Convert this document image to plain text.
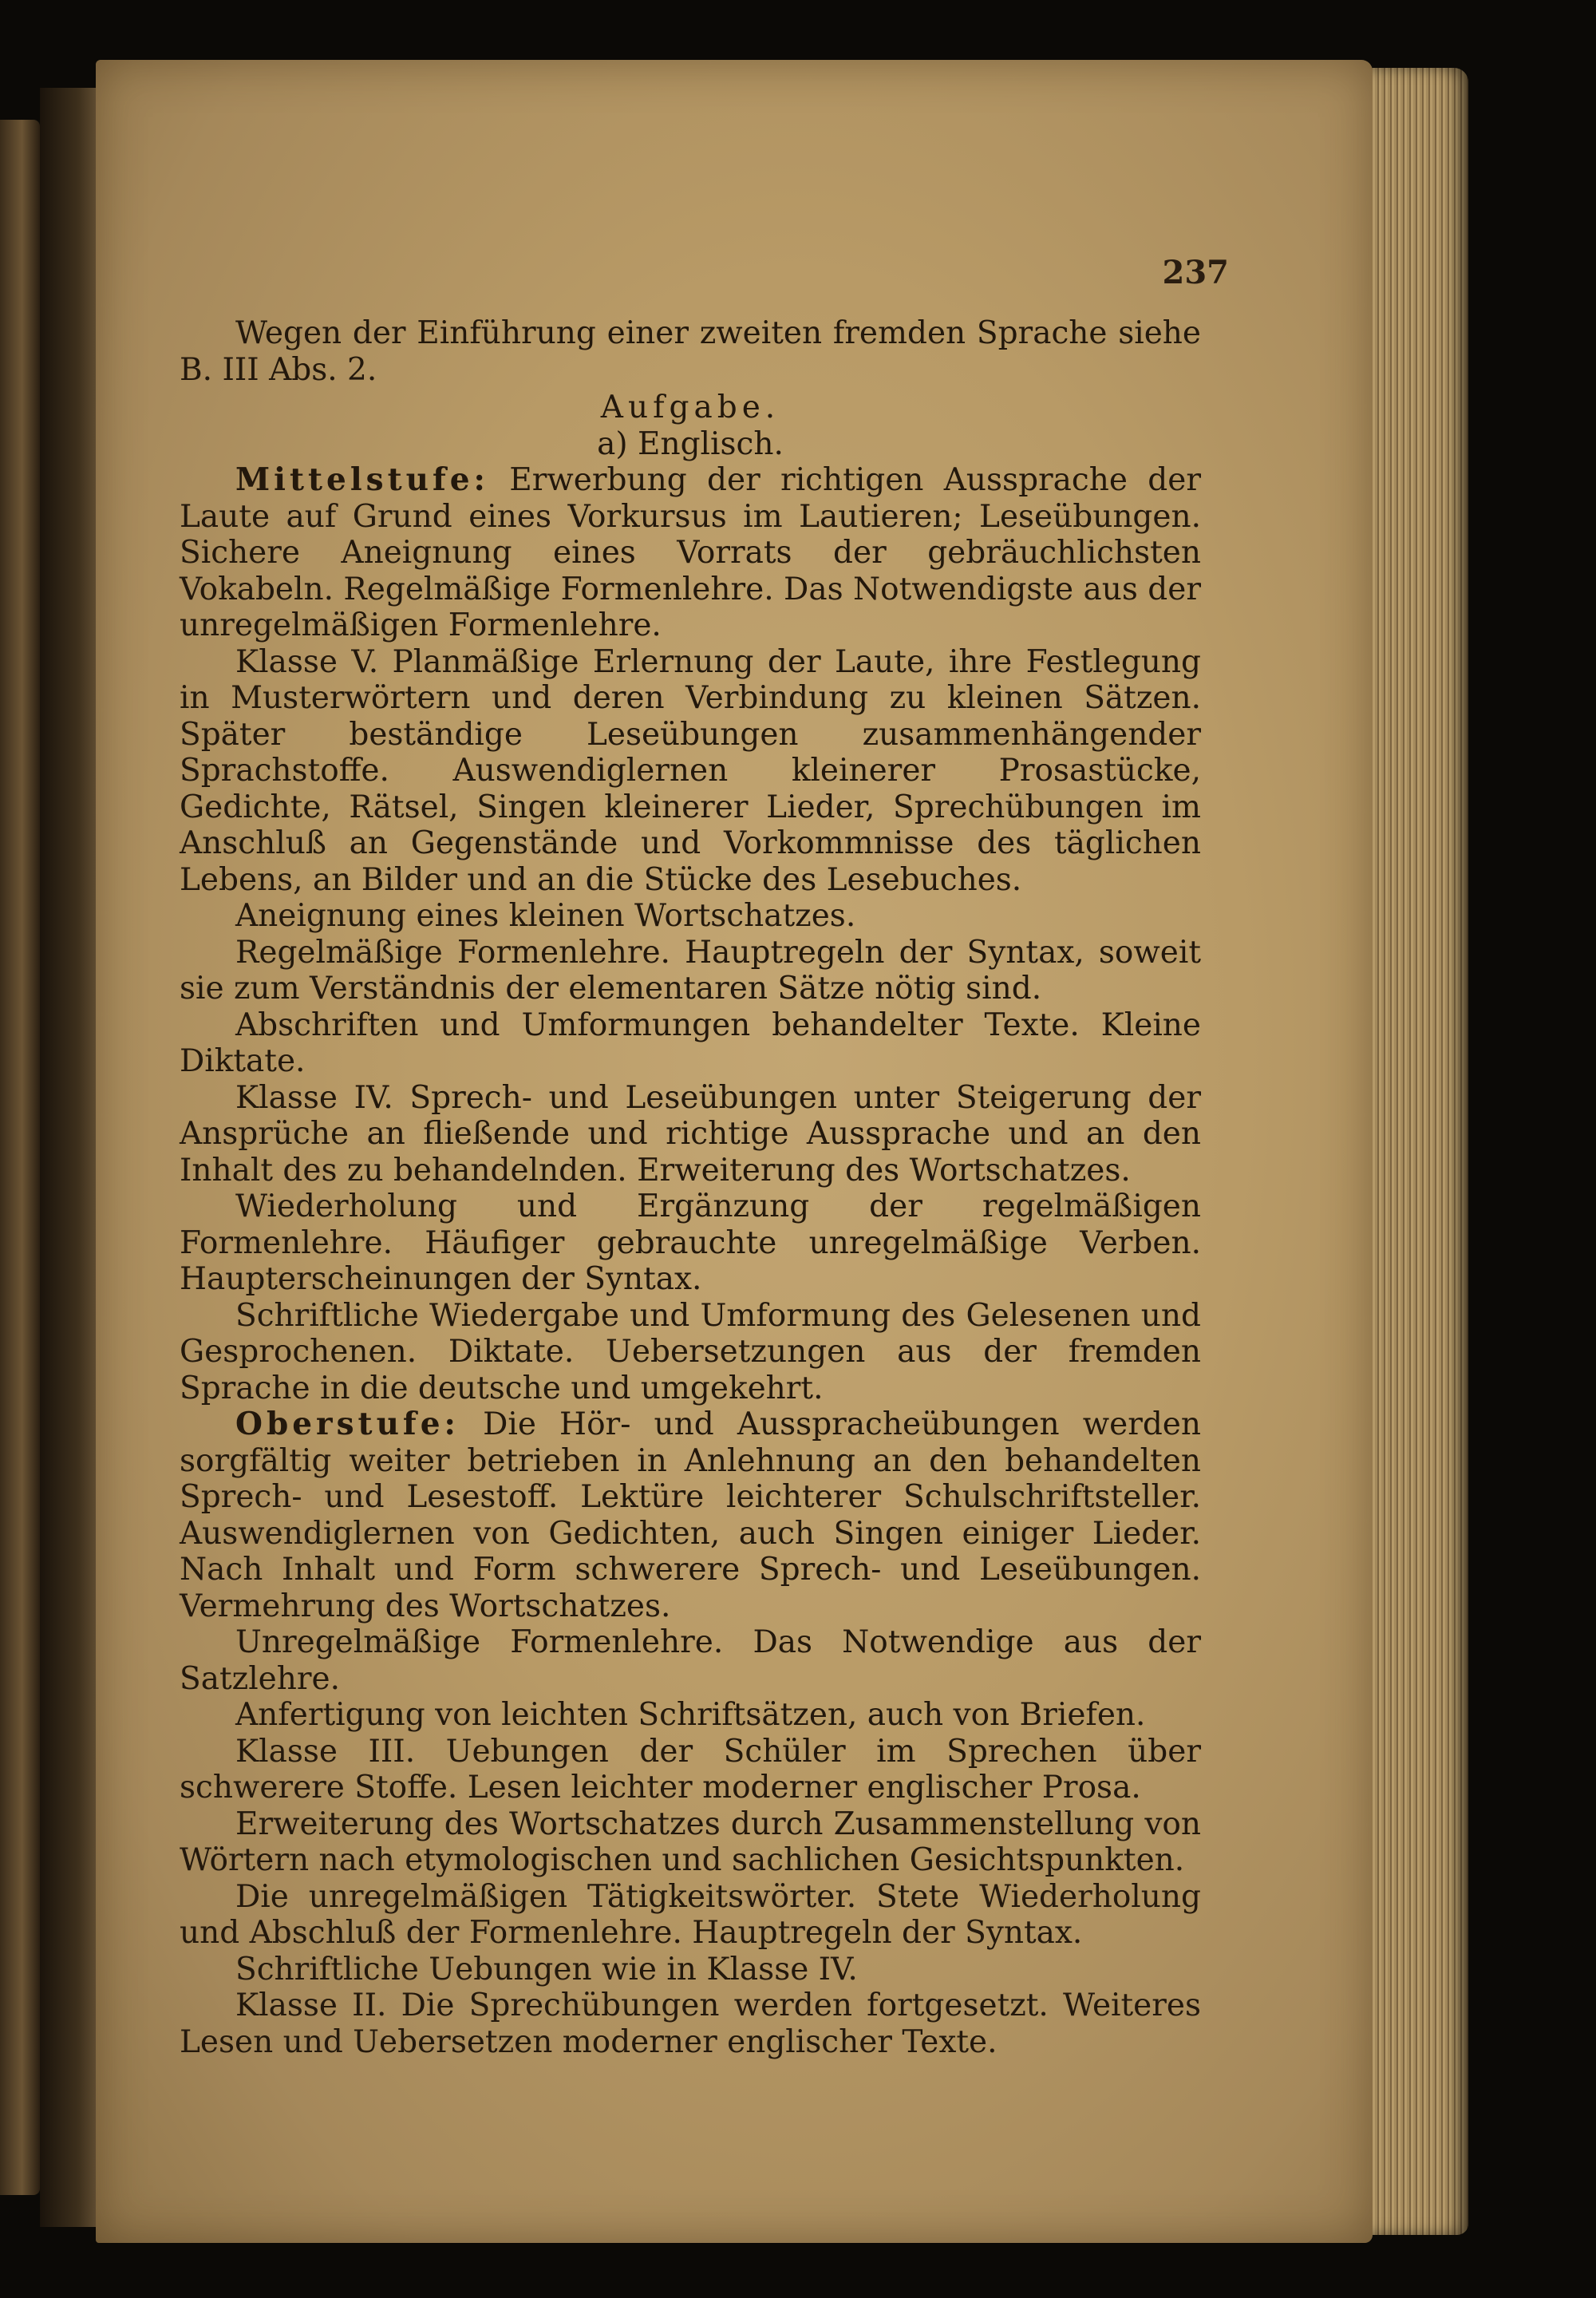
237

Wegen der Einführung einer zweiten fremden Sprache siehe B. III Abs. 2.

Aufgabe.

a) Englisch.

Mittelstufe: Erwerbung der richtigen Aussprache der Laute auf Grund eines Vorkursus im Lautieren; Leseübungen. Sichere Aneignung eines Vorrats der gebräuchlichsten Vokabeln. Regelmäßige Formenlehre. Das Notwendigste aus der unregelmäßigen Formenlehre.

Klasse V. Planmäßige Erlernung der Laute, ihre Festlegung in Musterwörtern und deren Verbindung zu kleinen Sätzen. Später beständige Leseübungen zusammenhängender Sprachstoffe. Auswendiglernen kleinerer Prosastücke, Gedichte, Rätsel, Singen kleinerer Lieder, Sprechübungen im Anschluß an Gegenstände und Vorkommnisse des täglichen Lebens, an Bilder und an die Stücke des Lesebuches.

Aneignung eines kleinen Wortschatzes.

Regelmäßige Formenlehre. Hauptregeln der Syntax, soweit sie zum Verständnis der elementaren Sätze nötig sind.

Abschriften und Umformungen behandelter Texte. Kleine Diktate.

Klasse IV. Sprech- und Leseübungen unter Steigerung der Ansprüche an fließende und richtige Aussprache und an den Inhalt des zu behandelnden. Erweiterung des Wortschatzes.

Wiederholung und Ergänzung der regelmäßigen Formenlehre. Häufiger gebrauchte unregelmäßige Verben. Haupterscheinungen der Syntax.

Schriftliche Wiedergabe und Umformung des Gelesenen und Gesprochenen. Diktate. Uebersetzungen aus der fremden Sprache in die deutsche und umgekehrt.

Oberstufe: Die Hör- und Ausspracheübungen werden sorgfältig weiter betrieben in Anlehnung an den behandelten Sprech- und Lesestoff. Lektüre leichterer Schulschriftsteller. Auswendiglernen von Gedichten, auch Singen einiger Lieder. Nach Inhalt und Form schwerere Sprech- und Leseübungen. Vermehrung des Wortschatzes.

Unregelmäßige Formenlehre. Das Notwendige aus der Satzlehre.

Anfertigung von leichten Schriftsätzen, auch von Briefen.

Klasse III. Uebungen der Schüler im Sprechen über schwerere Stoffe. Lesen leichter moderner englischer Prosa.

Erweiterung des Wortschatzes durch Zusammenstellung von Wörtern nach etymologischen und sachlichen Gesichtspunkten.

Die unregelmäßigen Tätigkeitswörter. Stete Wiederholung und Abschluß der Formenlehre. Hauptregeln der Syntax.

Schriftliche Uebungen wie in Klasse IV.

Klasse II. Die Sprechübungen werden fortgesetzt. Weiteres Lesen und Uebersetzen moderner englischer Texte.
